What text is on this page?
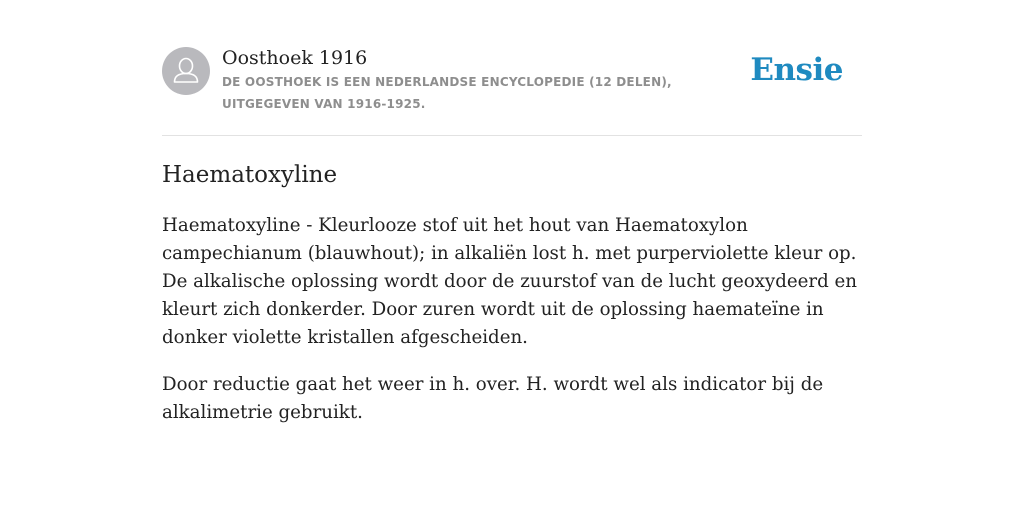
Oosthoek 1916
DE OOSTHOEK IS EEN NEDERLANDSE ENCYCLOPEDIE (12 DELEN), UITGEGEVEN VAN 1916-1925.
Ensie
Haematoxyline

Haematoxyline - Kleurlooze stof uit het hout van Haematoxylon campechianum (blauwhout); in alkaliën lost h. met purperviolette kleur op. De alkalische oplossing wordt door de zuurstof van de lucht geoxydeerd en kleurt zich donkerder. Door zuren wordt uit de oplossing haemateïne in donker violette kristallen afgescheiden.

Door reductie gaat het weer in h. over. H. wordt wel als indicator bij de alkalimetrie gebruikt.
